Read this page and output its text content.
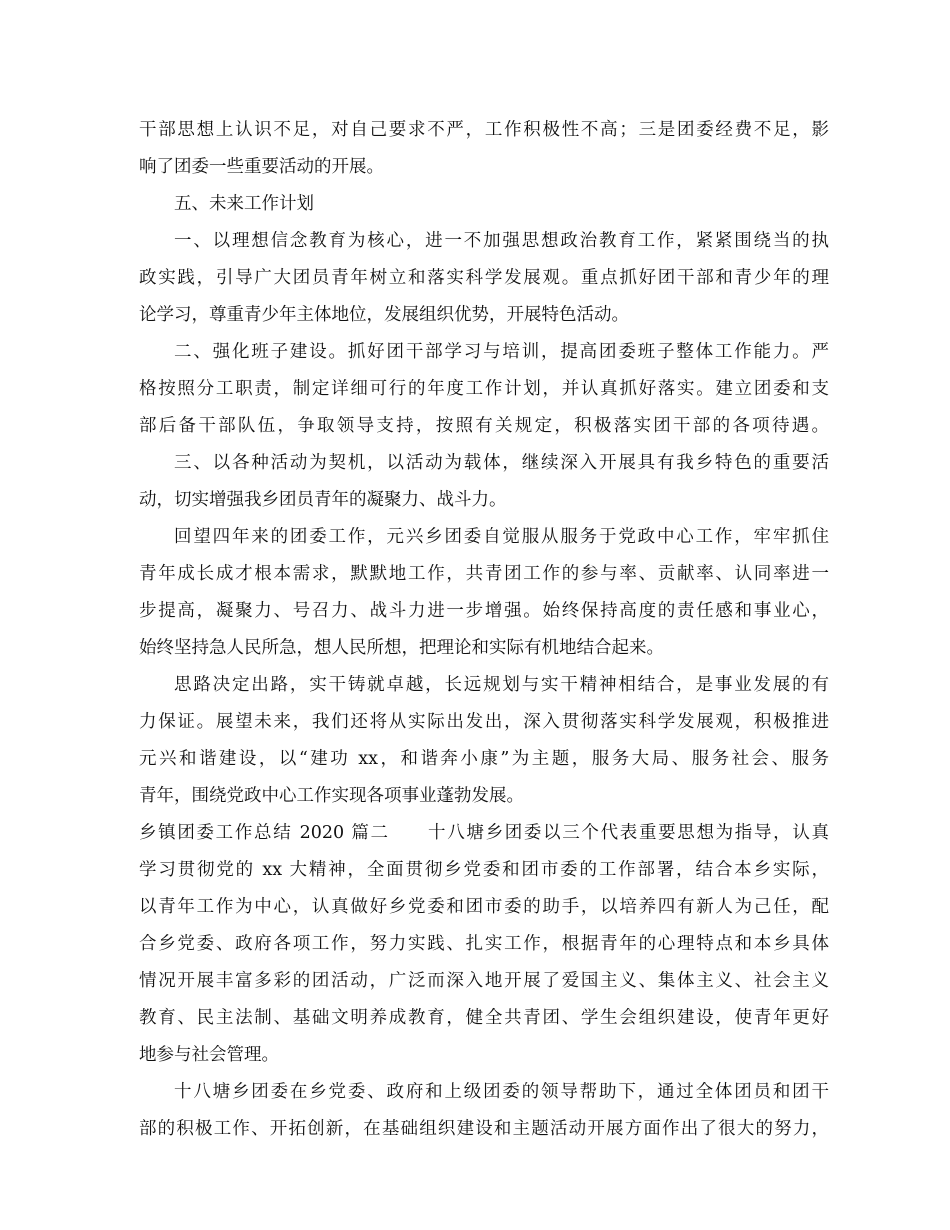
干部思想上认识不足，对自己要求不严，工作积极性不高；三是团委经费不足，影
响了团委一些重要活动的开展。
五、未来工作计划
一、以理想信念教育为核心，进一不加强思想政治教育工作，紧紧围绕当的执
政实践，引导广大团员青年树立和落实科学发展观。重点抓好团干部和青少年的理
论学习，尊重青少年主体地位，发展组织优势，开展特色活动。
二、强化班子建设。抓好团干部学习与培训，提高团委班子整体工作能力。严
格按照分工职责，制定详细可行的年度工作计划，并认真抓好落实。建立团委和支
部后备干部队伍，争取领导支持，按照有关规定，积极落实团干部的各项待遇。
三、以各种活动为契机，以活动为载体，继续深入开展具有我乡特色的重要活
动，切实增强我乡团员青年的凝聚力、战斗力。
回望四年来的团委工作，元兴乡团委自觉服从服务于党政中心工作，牢牢抓住
青年成长成才根本需求，默默地工作，共青团工作的参与率、贡献率、认同率进一
步提高，凝聚力、号召力、战斗力进一步增强。始终保持高度的责任感和事业心，
始终坚持急人民所急，想人民所想，把理论和实际有机地结合起来。
思路决定出路，实干铸就卓越，长远规划与实干精神相结合，是事业发展的有
力保证。展望未来，我们还将从实际出发出，深入贯彻落实科学发展观，积极推进
元兴和谐建设，以“建功 xx，和谐奔小康”为主题，服务大局、服务社会、服务
青年，围绕党政中心工作实现各项事业蓬勃发展。
乡镇团委工作总结 2020 篇二　　十八塘乡团委以三个代表重要思想为指导，认真
学习贯彻党的 xx 大精神，全面贯彻乡党委和团市委的工作部署，结合本乡实际，
以青年工作为中心，认真做好乡党委和团市委的助手，以培养四有新人为己任，配
合乡党委、政府各项工作，努力实践、扎实工作，根据青年的心理特点和本乡具体
情况开展丰富多彩的团活动，广泛而深入地开展了爱国主义、集体主义、社会主义
教育、民主法制、基础文明养成教育，健全共青团、学生会组织建设，使青年更好
地参与社会管理。
十八塘乡团委在乡党委、政府和上级团委的领导帮助下，通过全体团员和团干
部的积极工作、开拓创新，在基础组织建设和主题活动开展方面作出了很大的努力，
